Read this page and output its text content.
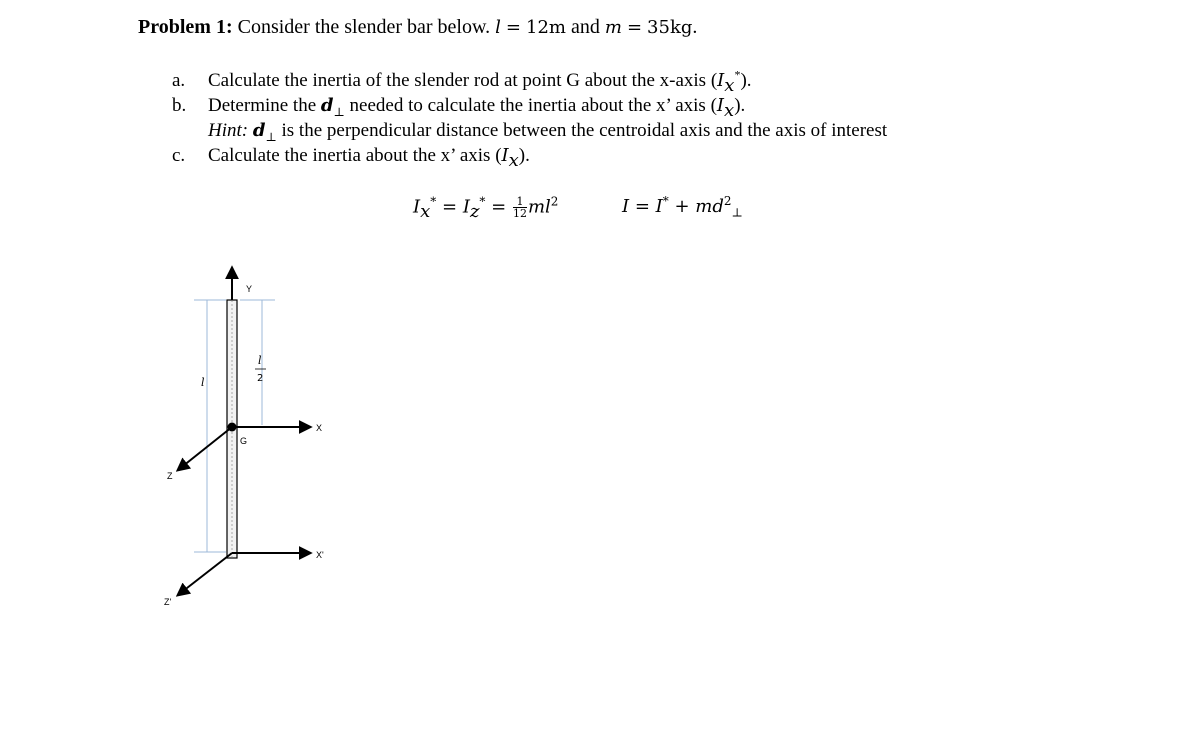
Problem 1: Consider the slender bar below. l = 12m and m = 35kg.
a. Calculate the inertia of the slender rod at point G about the x-axis $(I_x^*)$.
b. Determine the $d_\perp$ needed to calculate the inertia about the x’ axis $(I_x)$.
Hint: $d_\perp$ is the perpendicular distance between the centroidal axis and the axis of interest
c. Calculate the inertia about the x’ axis $(I_x)$.
$I_x^* = I_z^* = \frac{1}{12} ml^2$	$I = I^* + md^2_\perp$
Y
X
Z
X'
Z'
G
l
l
2
